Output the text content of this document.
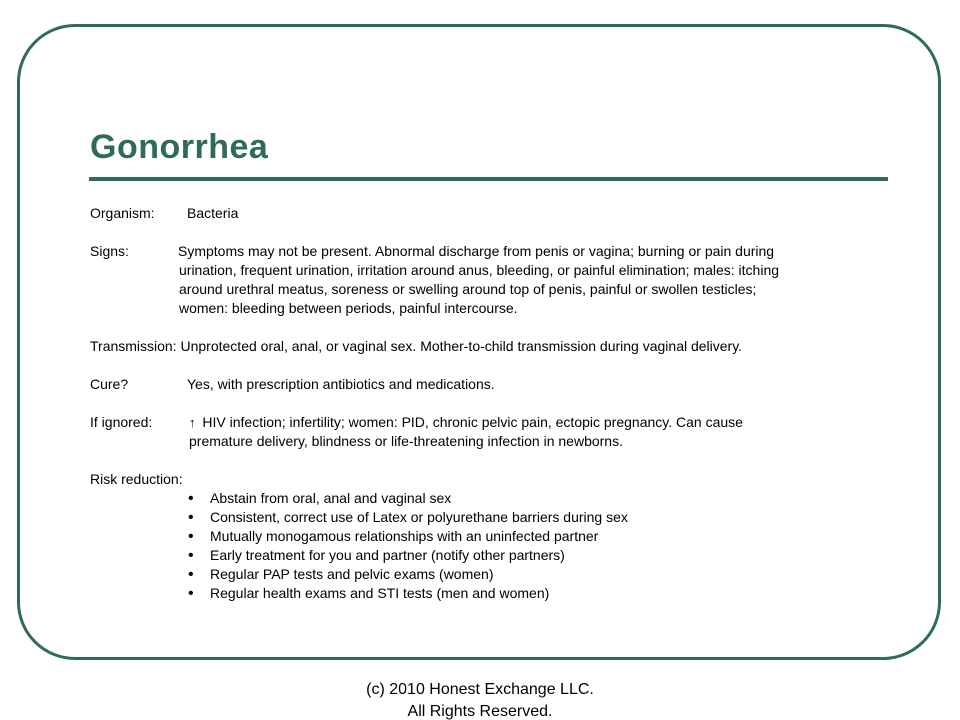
Gonorrhea
Organism:	Bacteria
Signs:	Symptoms may not be present. Abnormal discharge from penis or vagina; burning or pain during
urination, frequent urination, irritation around anus, bleeding, or painful elimination; males: itching
around urethral meatus, soreness or swelling around top of penis, painful or swollen testicles;
women: bleeding between periods, painful intercourse.
Transmission: Unprotected oral, anal, or vaginal sex. Mother-to-child transmission during vaginal delivery.
Cure?	Yes, with prescription antibiotics and medications.
If ignored:	↑ HIV infection; infertility; women: PID, chronic pelvic pain, ectopic pregnancy. Can cause
premature delivery, blindness or life-threatening infection in newborns.
Risk reduction:
• Abstain from oral, anal and vaginal sex
• Consistent, correct use of Latex or polyurethane barriers during sex
• Mutually monogamous relationships with an uninfected partner
• Early treatment for you and partner (notify other partners)
• Regular PAP tests and pelvic exams (women)
• Regular health exams and STI tests (men and women)
(c) 2010 Honest Exchange LLC.
All Rights Reserved.
